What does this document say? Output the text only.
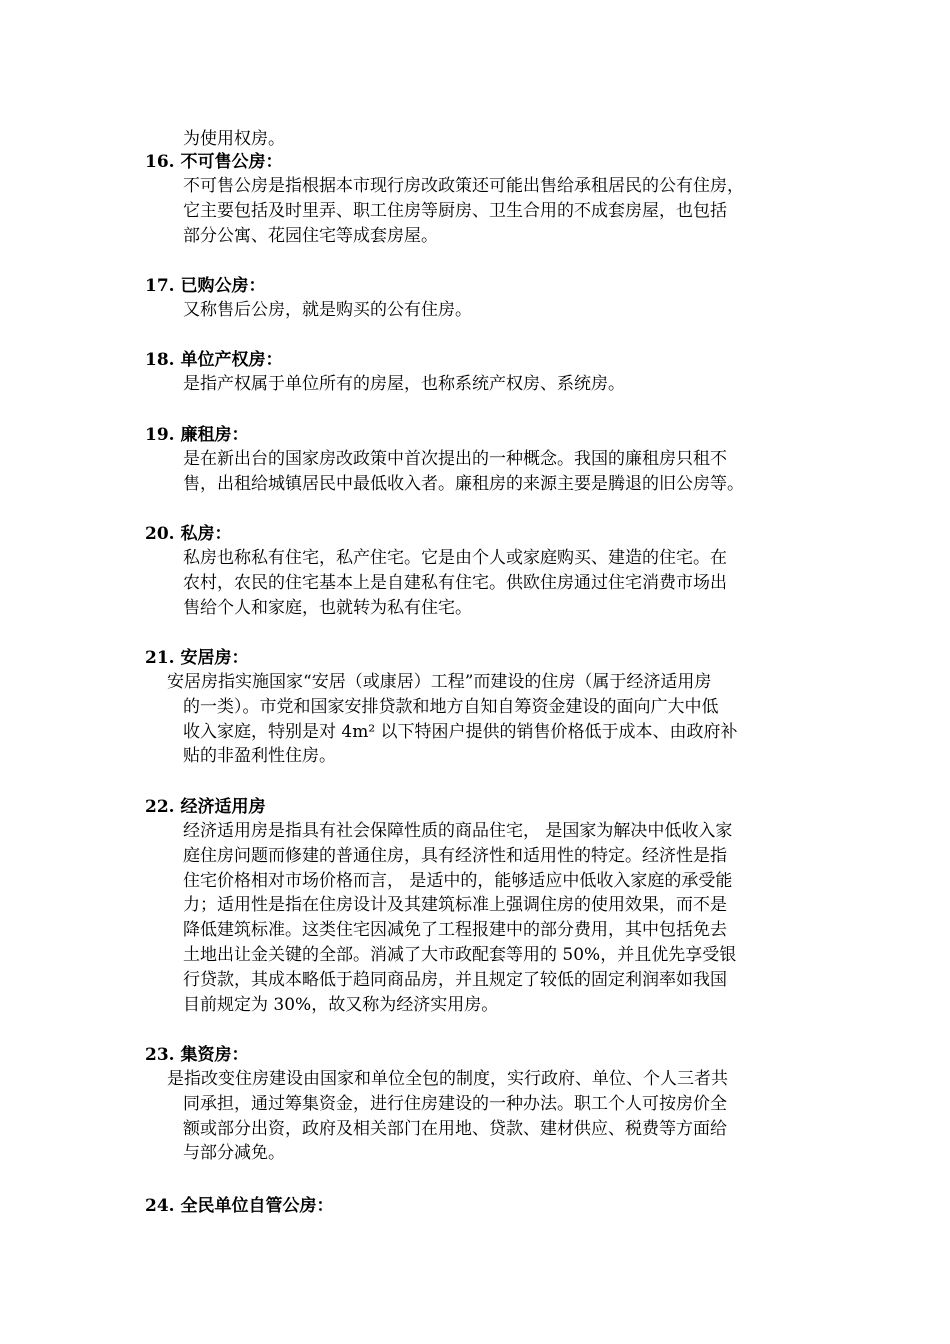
为使用权房。
16. 不可售公房：
不可售公房是指根据本市现行房改政策还可能出售给承租居民的公有住房，
它主要包括及时里弄、职工住房等厨房、卫生合用的不成套房屋，也包括
部分公寓、花园住宅等成套房屋。
17. 已购公房：
又称售后公房，就是购买的公有住房。
18. 单位产权房：
是指产权属于单位所有的房屋，也称系统产权房、系统房。
19. 廉租房：
是在新出台的国家房改政策中首次提出的一种概念。我国的廉租房只租不
售，出租给城镇居民中最低收入者。廉租房的来源主要是腾退的旧公房等。
20. 私房：
私房也称私有住宅，私产住宅。它是由个人或家庭购买、建造的住宅。在
农村，农民的住宅基本上是自建私有住宅。供欧住房通过住宅消费市场出
售给个人和家庭，也就转为私有住宅。
21. 安居房：
安居房指实施国家“安居（或康居）工程”而建设的住房（属于经济适用房
的一类）。市党和国家安排贷款和地方自知自筹资金建设的面向广大中低
收入家庭，特别是对 4m² 以下特困户提供的销售价格低于成本、由政府补
贴的非盈利性住房。
22. 经济适用房
经济适用房是指具有社会保障性质的商品住宅， 是国家为解决中低收入家
庭住房问题而修建的普通住房，具有经济性和适用性的特定。经济性是指
住宅价格相对市场价格而言， 是适中的，能够适应中低收入家庭的承受能
力；适用性是指在住房设计及其建筑标准上强调住房的使用效果，而不是
降低建筑标准。这类住宅因减免了工程报建中的部分费用，其中包括免去
土地出让金关键的全部。消减了大市政配套等用的 50%，并且优先享受银
行贷款，其成本略低于趋同商品房，并且规定了较低的固定利润率如我国
目前规定为 30%，故又称为经济实用房。
23. 集资房：
是指改变住房建设由国家和单位全包的制度，实行政府、单位、个人三者共
同承担，通过筹集资金，进行住房建设的一种办法。职工个人可按房价全
额或部分出资，政府及相关部门在用地、贷款、建材供应、税费等方面给
与部分减免。
24. 全民单位自管公房：
